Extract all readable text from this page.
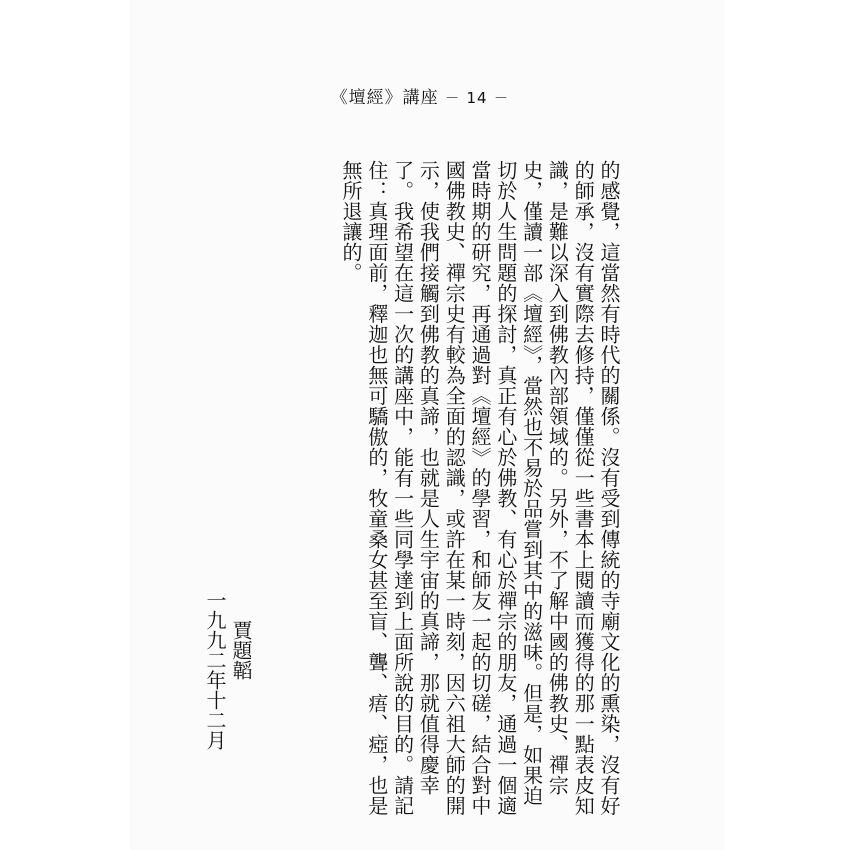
《壇經》講座 － 14 －
的感覺，這當然有時代的關係。沒有受到傳統的寺廟文化的熏染，沒有好
的師承，沒有實際去修持，僅僅從一些書本上閱讀而獲得的那一點表皮知
識，是難以深入到佛教內部領域的。另外，不了解中國的佛教史、禪宗
史，僅讀一部《壇經》，當然也不易於品嘗到其中的滋味。但是，如果迫
切於人生問題的探討，真正有心於佛教、有心於禪宗的朋友，通過一個適
當時期的研究，再通過對《壇經》的學習，和師友一起的切磋，結合對中
國佛教史、禪宗史有較為全面的認識，或許在某一時刻，因六祖大師的開
示，使我們接觸到佛教的真諦，也就是人生宇宙的真諦，那就值得慶幸
了。我希望在這一次的講座中，能有一些同學達到上面所說的目的。請記
住：真理面前，釋迦也無可驕傲的，牧童桑女甚至盲、聾、痦、瘂，也是
無所退讓的。
賈題韜
一九九二年十二月
